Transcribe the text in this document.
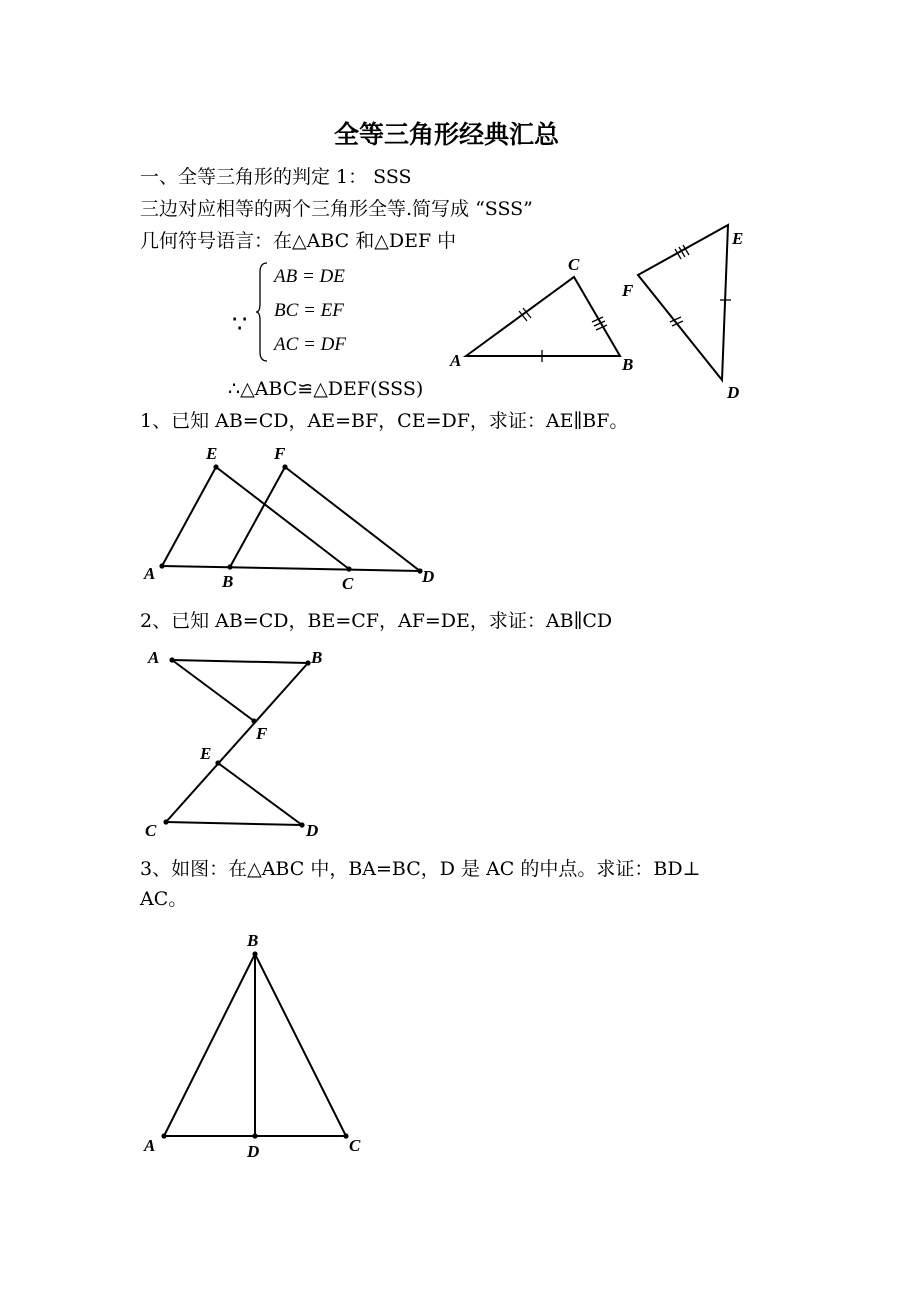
全等三角形经典汇总
一、全等三角形的判定 1： SSS
三边对应相等的两个三角形全等.简写成 “SSS”
几何符号语言：在△ABC 和△DEF 中
∵
AB = DE
BC = EF
AC = DF
∴△ABC≌△DEF(SSS)
A	B
C
D
E
F
1、已知 AB=CD，AE=BF，CE=DF，求证：AE∥BF。
A	B	C	D
E	F
2、已知 AB=CD，BE=CF，AF=DE，求证：AB∥CD
A	B
F
E
C	D
3、如图：在△ABC 中，BA=BC，D 是 AC 的中点。求证：BD⊥
AC。
B
A	C
D
